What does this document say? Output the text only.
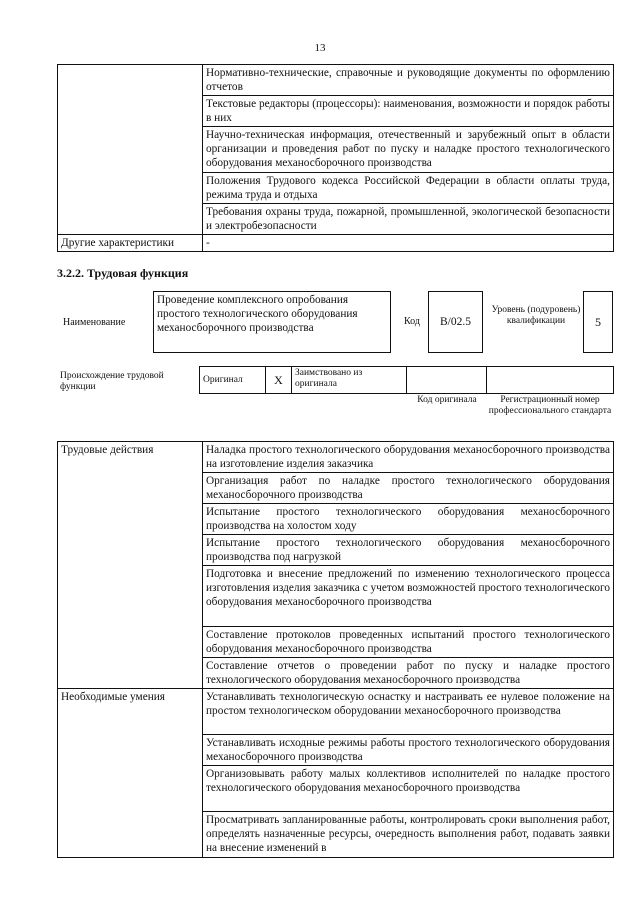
13
	Нормативно-технические, справочные и руководящие документы по оформлению отчетов
	Текстовые редакторы (процессоры): наименования, возможности и порядок работы в них
	Научно-техническая информация, отечественный и зарубежный опыт в области организации и проведения работ по пуску и наладке простого технологического оборудования механосборочного производства
	Положения Трудового кодекса Российской Федерации в области оплаты труда, режима труда и отдыха
	Требования охраны труда, пожарной, промышленной, экологической безопасности и электробезопасности
Другие характеристики	-
3.2.2. Трудовая функция
Наименование
Проведение комплексного опробования простого технологического оборудования механосборочного производства
Код	B/02.5
Уровень (подуровень) квалификации	5
Происхождение трудовой функции
Оригинал	X	Заимствовано из оригинала		
Код оригинала	Регистрационный номер профессионального стандарта
Трудовые действия	Наладка простого технологического оборудования механосборочного производства на изготовление изделия заказчика
	Организация работ по наладке простого технологического оборудования механосборочного производства
	Испытание простого технологического оборудования механосборочного производства на холостом ходу
	Испытание простого технологического оборудования механосборочного производства под нагрузкой
	Подготовка и внесение предложений по изменению технологического процесса изготовления изделия заказчика с учетом возможностей простого технологического оборудования механосборочного производства
	Составление протоколов проведенных испытаний простого технологического оборудования механосборочного производства
	Составление отчетов о проведении работ по пуску и наладке простого технологического оборудования механосборочного производства
Необходимые умения	Устанавливать технологическую оснастку и настраивать ее нулевое положение на простом технологическом оборудовании механосборочного производства
	Устанавливать исходные режимы работы простого технологического оборудования механосборочного производства
	Организовывать работу малых коллективов исполнителей по наладке простого технологического оборудования механосборочного производства
	Просматривать запланированные работы, контролировать сроки выполнения работ, определять назначенные ресурсы, очередность выполнения работ, подавать заявки на внесение изменений в
